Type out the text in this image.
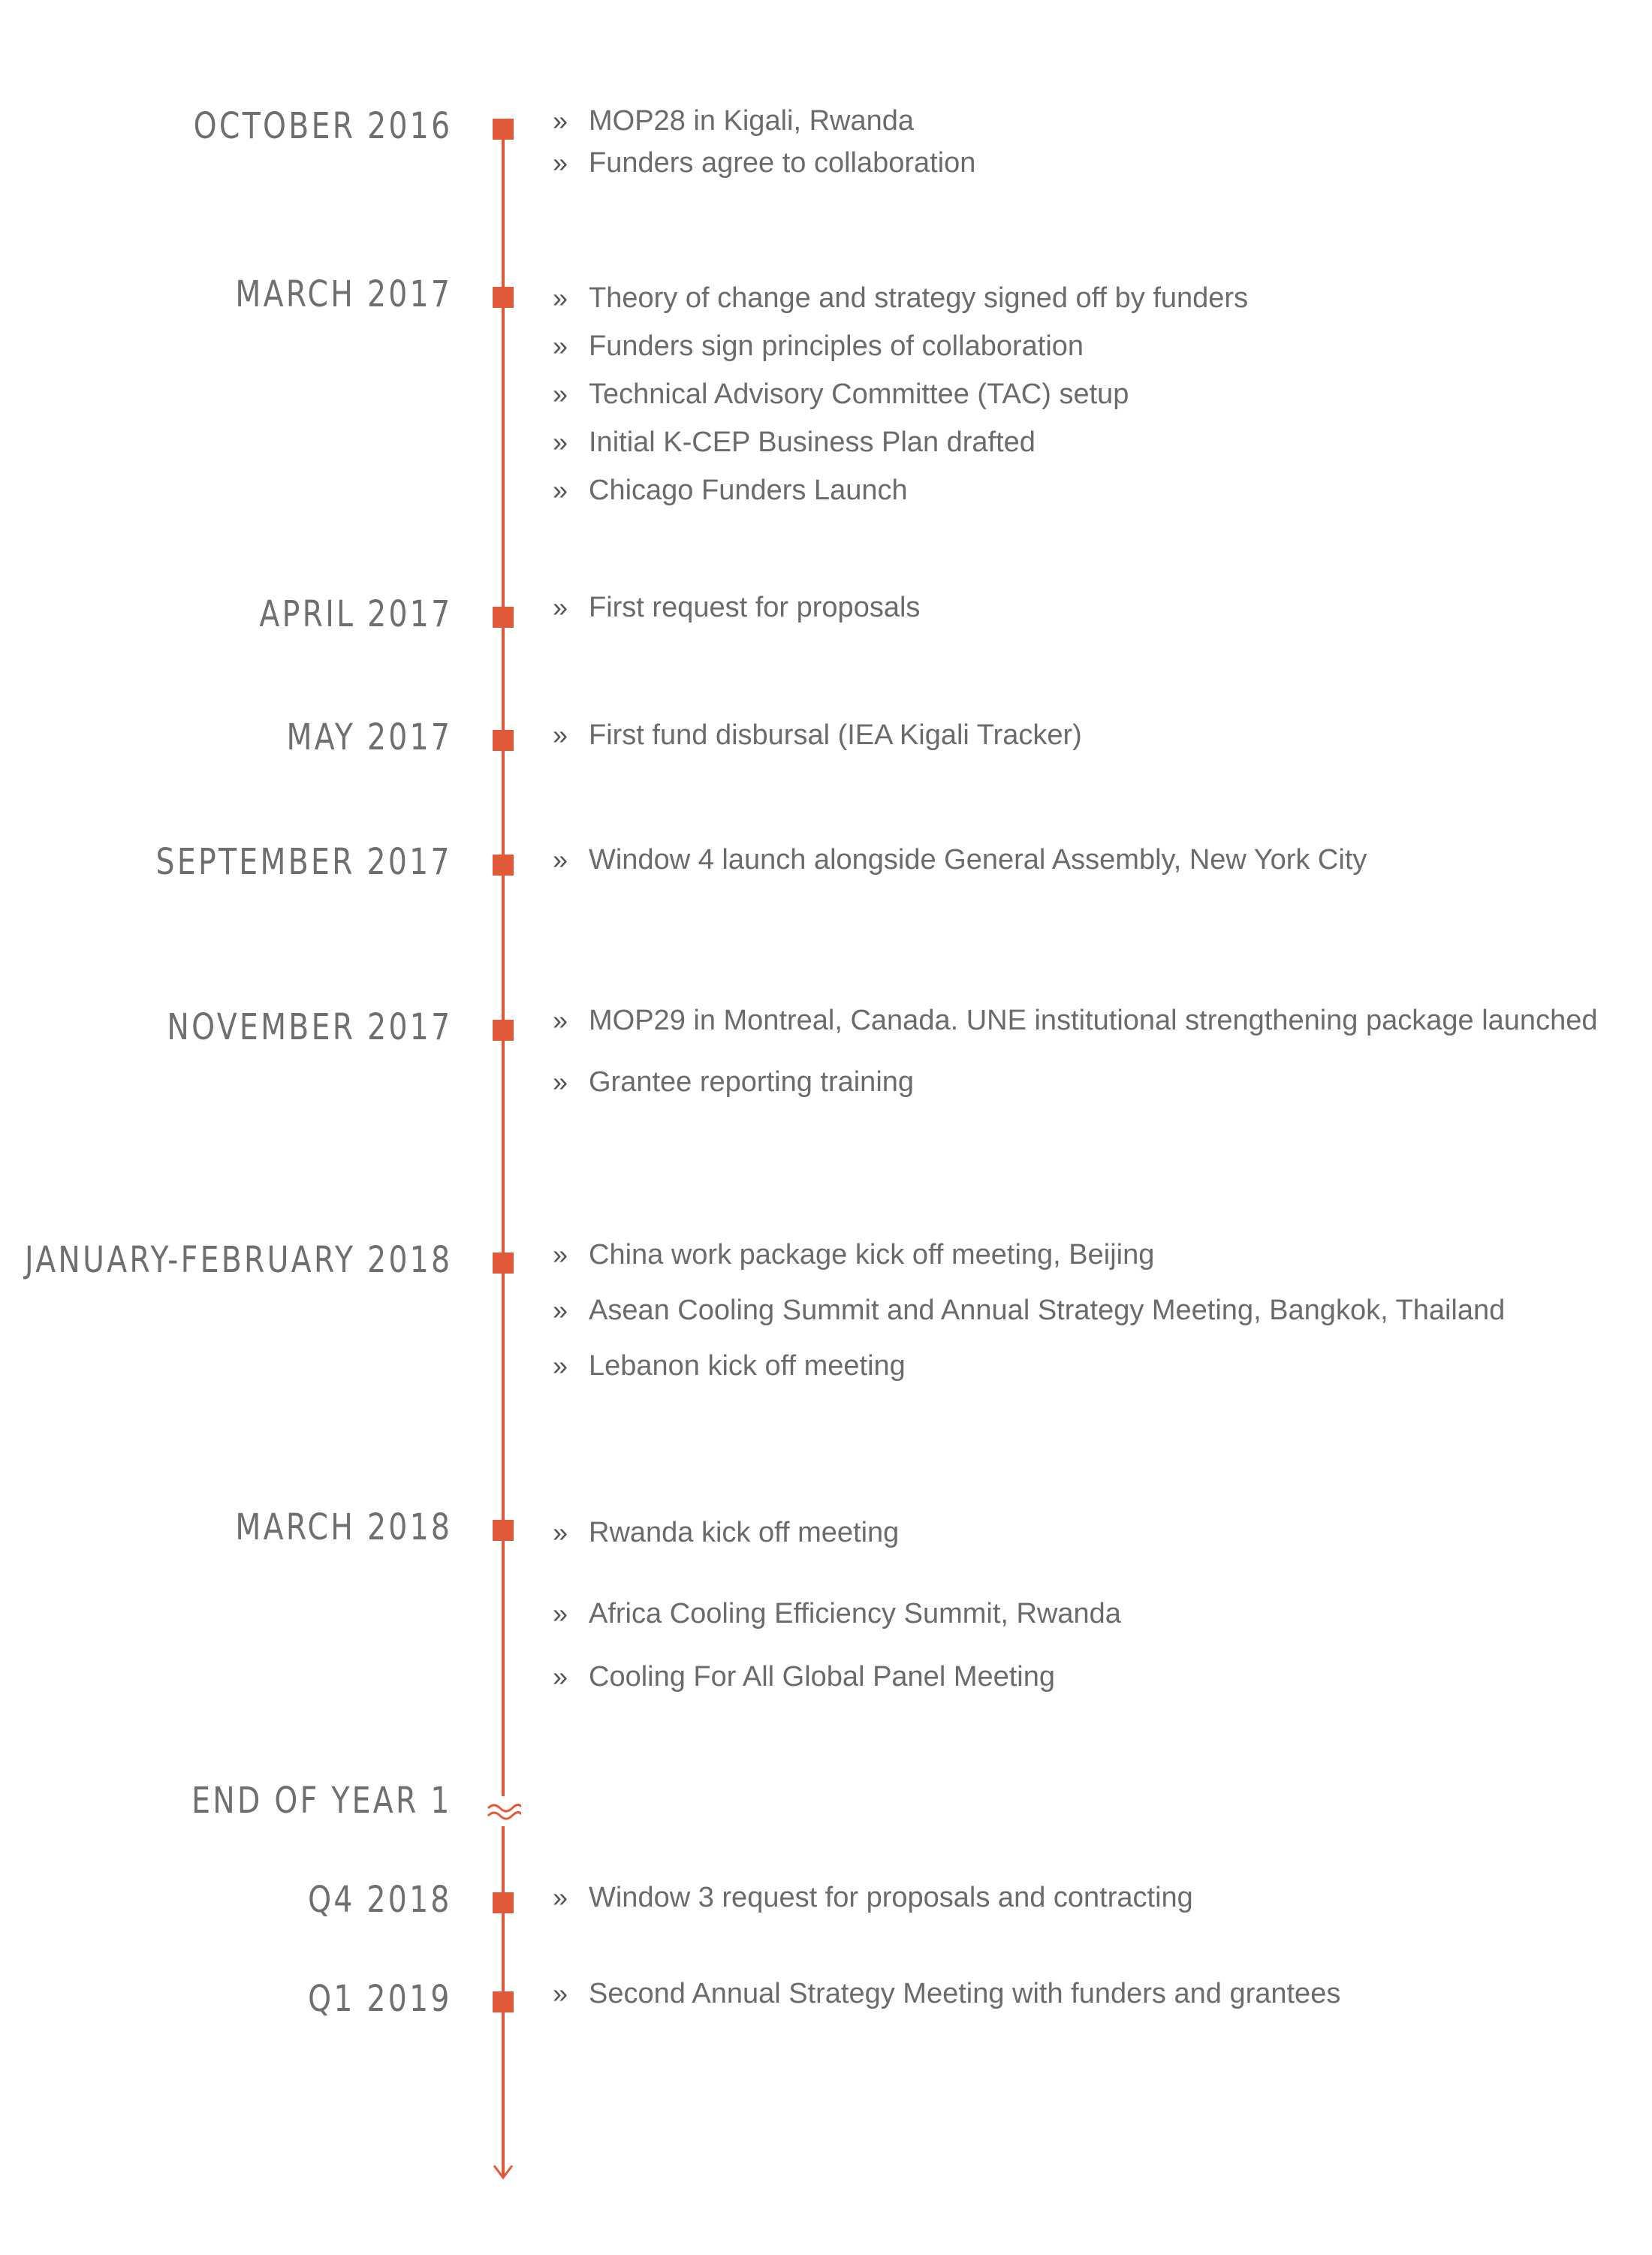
OCTOBER 2016	» MOP28 in Kigali, Rwanda
» Funders agree to collaboration
MARCH 2017	» Theory of change and strategy signed off by funders
» Funders sign principles of collaboration
» Technical Advisory Committee (TAC) setup
» Initial K-CEP Business Plan drafted
» Chicago Funders Launch
APRIL 2017	» First request for proposals
MAY 2017	» First fund disbursal (IEA Kigali Tracker)
SEPTEMBER 2017	» Window 4 launch alongside General Assembly, New York City
NOVEMBER 2017	» MOP29 in Montreal, Canada. UNE institutional strengthening package launched
» Grantee reporting training
JANUARY-FEBRUARY 2018	» China work package kick off meeting, Beijing
» Asean Cooling Summit and Annual Strategy Meeting, Bangkok, Thailand
» Lebanon kick off meeting
MARCH 2018	» Rwanda kick off meeting
» Africa Cooling Efficiency Summit, Rwanda
» Cooling For All Global Panel Meeting
END OF YEAR 1
Q4 2018	» Window 3 request for proposals and contracting
Q1 2019	» Second Annual Strategy Meeting with funders and grantees
